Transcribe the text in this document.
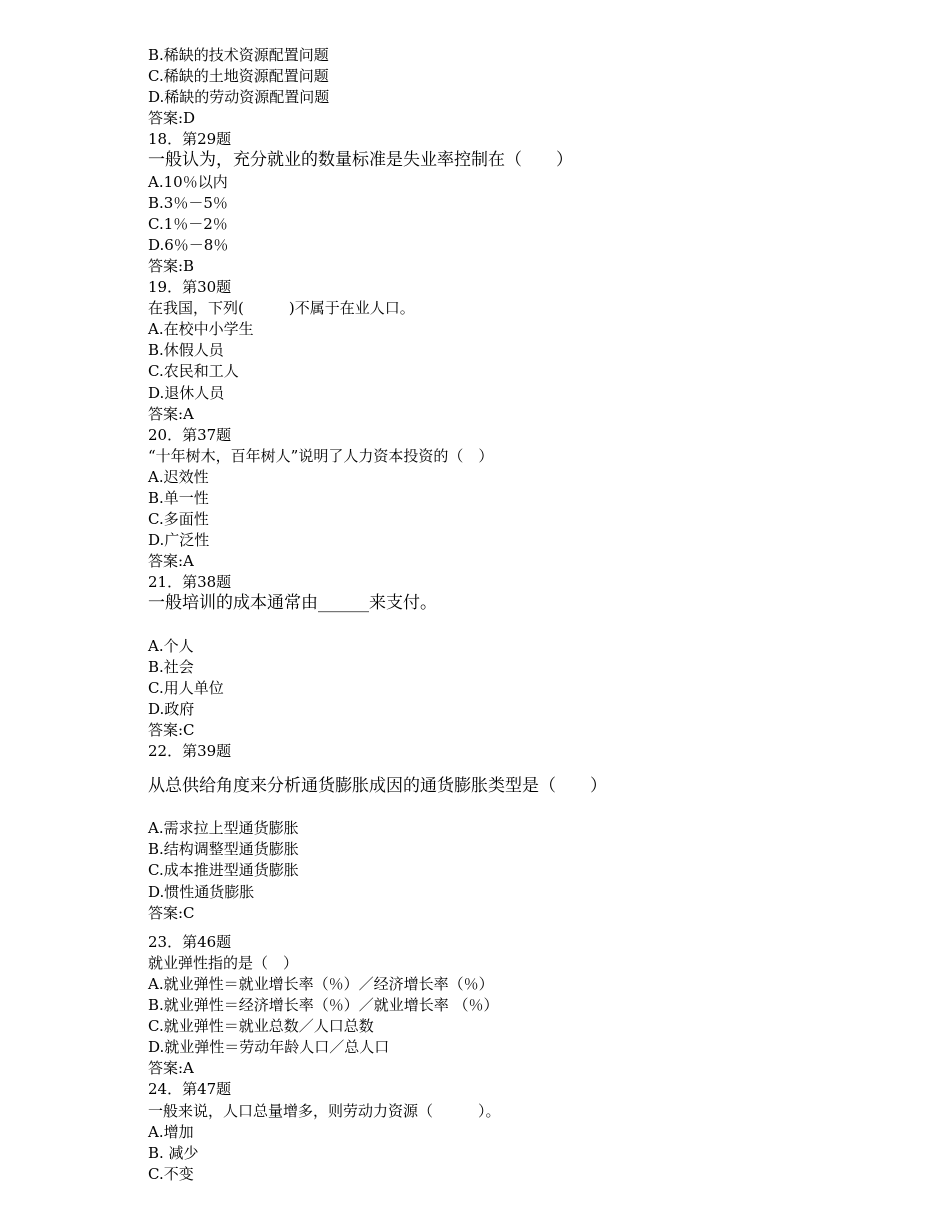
B.稀缺的技术资源配置问题
C.稀缺的土地资源配置问题
D.稀缺的劳动资源配置问题
答案:D
18．第29题
一般认为，充分就业的数量标准是失业率控制在（　　）
A.10％以内
B.3％－5％
C.1％－2％
D.6％－8％
答案:B
19．第30题
在我国，下列(　　　)不属于在业人口。
A.在校中小学生
B.休假人员
C.农民和工人
D.退休人员
答案:A
20．第37题
“十年树木，百年树人”说明了人力资本投资的（　）
A.迟效性
B.单一性
C.多面性
D.广泛性
答案:A
21．第38题
一般培训的成本通常由______来支付。
A.个人
B.社会
C.用人单位
D.政府
答案:C
22．第39题
从总供给角度来分析通货膨胀成因的通货膨胀类型是（　　）
A.需求拉上型通货膨胀
B.结构调整型通货膨胀
C.成本推进型通货膨胀
D.惯性通货膨胀
答案:C
23．第46题
就业弹性指的是（　）
A.就业弹性＝就业增长率（％）／经济增长率（％）
B.就业弹性＝经济增长率（％）／就业增长率 （％）
C.就业弹性＝就业总数／人口总数
D.就业弹性＝劳动年龄人口／总人口
答案:A
24．第47题
一般来说，人口总量增多，则劳动力资源（　　　）。
A.增加
B. 减少
C.不变
